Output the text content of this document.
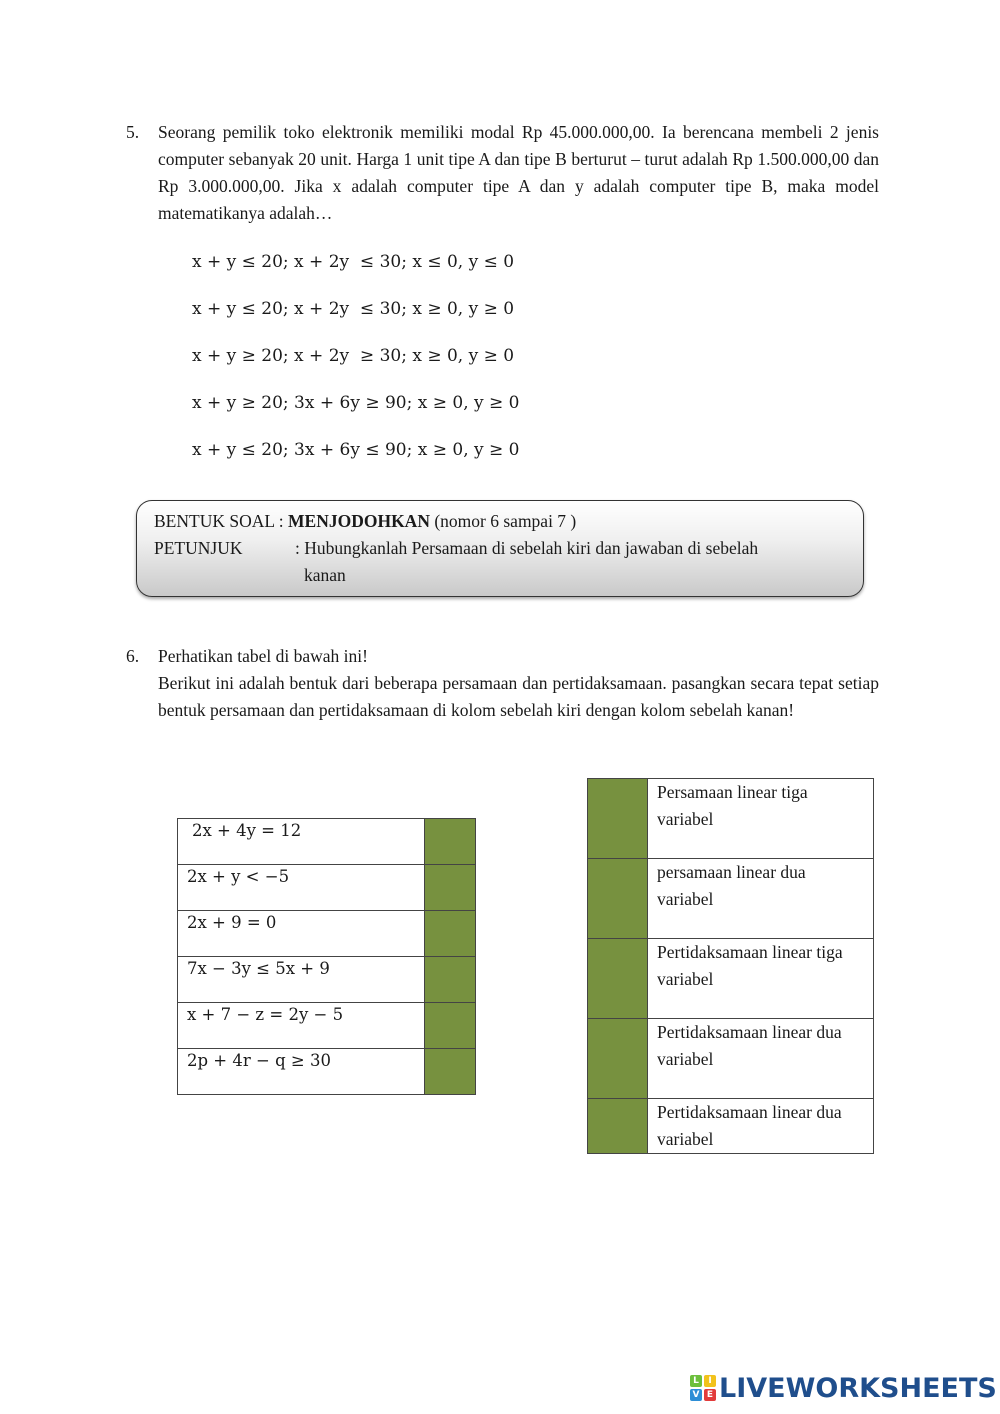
5. Seorang pemilik toko elektronik memiliki modal Rp 45.000.000,00. Ia berencana membeli 2 jenis computer sebanyak 20 unit. Harga 1 unit tipe A dan tipe B berturut – turut adalah Rp 1.500.000,00 dan Rp 3.000.000,00. Jika x adalah computer tipe A dan y adalah computer tipe B, maka model matematikanya adalah…
x + y ≤ 20; x + 2y  ≤ 30; x ≤ 0, y ≤ 0
x + y ≤ 20; x + 2y  ≤ 30; x ≥ 0, y ≥ 0
x + y ≥ 20; x + 2y  ≥ 30; x ≥ 0, y ≥ 0
x + y ≥ 20; 3x + 6y ≥ 90; x ≥ 0, y ≥ 0
x + y ≤ 20; 3x + 6y ≤ 90; x ≥ 0, y ≥ 0
BENTUK SOAL : MENJODOHKAN (nomor 6 sampai 7 )
PETUNJUK	: Hubungkanlah Persamaan di sebelah kiri dan jawaban di sebelah
kanan
6. Perhatikan tabel di bawah ini!
Berikut ini adalah bentuk dari beberapa persamaan dan pertidaksamaan. pasangkan secara tepat setiap bentuk persamaan dan pertidaksamaan di kolom sebelah kiri dengan kolom sebelah kanan!
2x + 4y = 12	
2x + y < −5	
2x + 9 = 0	
7x − 3y ≤ 5x + 9	
x + 7 − z = 2y − 5	
2p + 4r − q ≥ 30	
	Persamaan linear tiga variabel
	persamaan linear dua variabel
	Pertidaksamaan linear tiga variabel
	Pertidaksamaan linear dua variabel
	Pertidaksamaan linear dua variabel
L	I
V E LIVEWORKSHEETS
